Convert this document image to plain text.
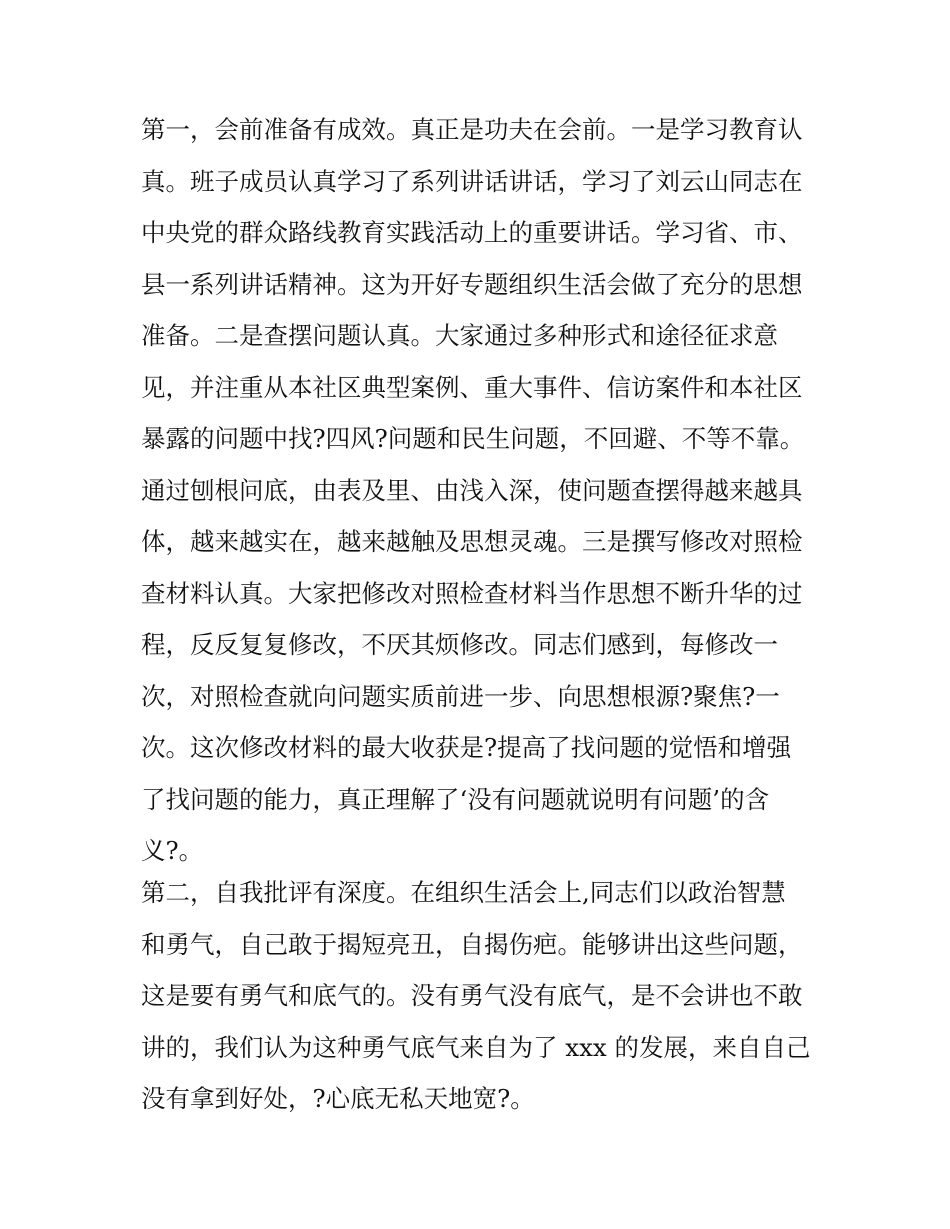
第一，会前准备有成效。真正是功夫在会前。一是学习教育认
真。班子成员认真学习了系列讲话讲话，学习了刘云山同志在
中央党的群众路线教育实践活动上的重要讲话。学习省、市、
县一系列讲话精神。这为开好专题组织生活会做了充分的思想
准备。二是查摆问题认真。大家通过多种形式和途径征求意
见，并注重从本社区典型案例、重大事件、信访案件和本社区
暴露的问题中找?四风?问题和民生问题，不回避、不等不靠。
通过刨根问底，由表及里、由浅入深，使问题查摆得越来越具
体，越来越实在，越来越触及思想灵魂。三是撰写修改对照检
查材料认真。大家把修改对照检查材料当作思想不断升华的过
程，反反复复修改，不厌其烦修改。同志们感到，每修改一
次，对照检查就向问题实质前进一步、向思想根源?聚焦?一
次。这次修改材料的最大收获是?提高了找问题的觉悟和增强
了找问题的能力，真正理解了‘没有问题就说明有问题’的含
义?。
第二，自我批评有深度。在组织生活会上,同志们以政治智慧
和勇气，自己敢于揭短亮丑，自揭伤疤。能够讲出这些问题，
这是要有勇气和底气的。没有勇气没有底气，是不会讲也不敢
讲的，我们认为这种勇气底气来自为了 xxx 的发展，来自自己
没有拿到好处，?心底无私天地宽?。
